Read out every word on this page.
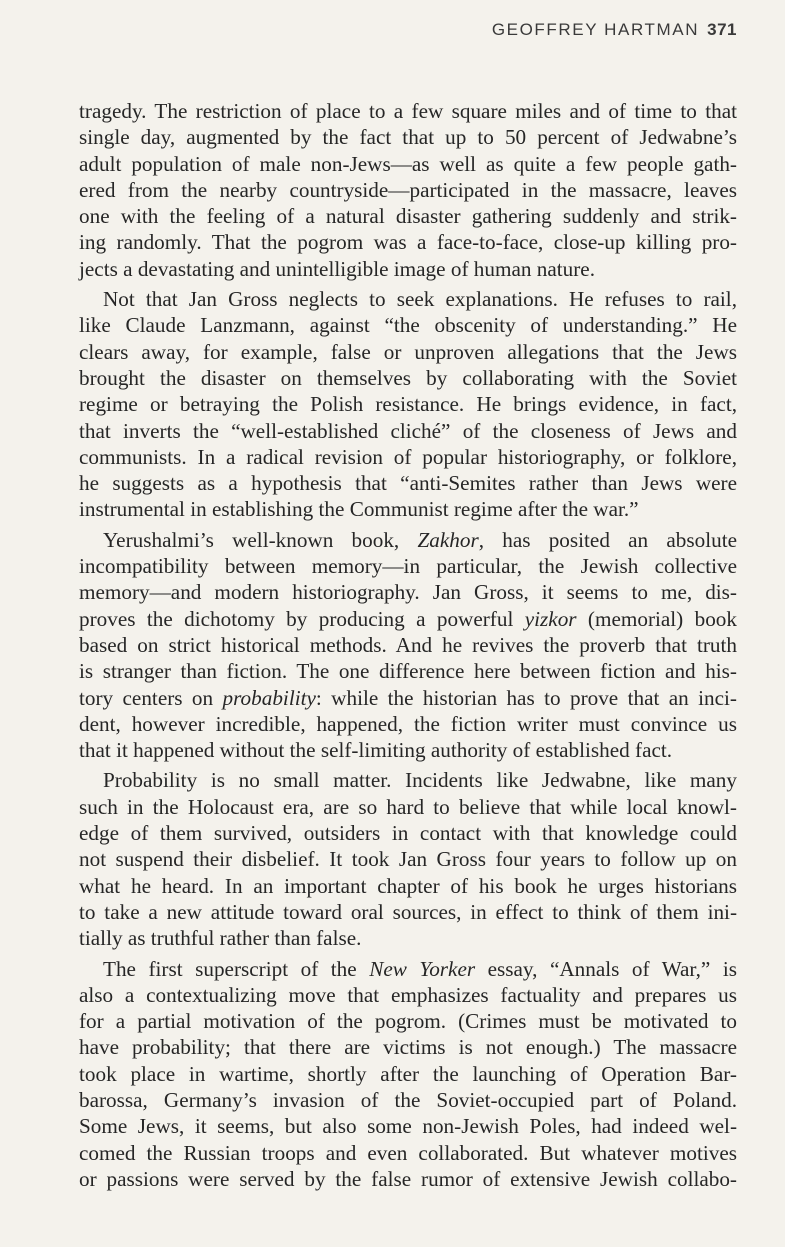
GEOFFREY HARTMAN 371

tragedy. The restriction of place to a few square miles and of time to that
single day, augmented by the fact that up to 50 percent of Jedwabne’s
adult population of male non-Jews—as well as quite a few people gath-
ered from the nearby countryside—participated in the massacre, leaves
one with the feeling of a natural disaster gathering suddenly and strik-
ing randomly. That the pogrom was a face-to-face, close-up killing pro-
jects a devastating and unintelligible image of human nature.

Not that Jan Gross neglects to seek explanations. He refuses to rail,
like Claude Lanzmann, against “the obscenity of understanding.” He
clears away, for example, false or unproven allegations that the Jews
brought the disaster on themselves by collaborating with the Soviet
regime or betraying the Polish resistance. He brings evidence, in fact,
that inverts the “well-established cliché” of the closeness of Jews and
communists. In a radical revision of popular historiography, or folklore,
he suggests as a hypothesis that “anti-Semites rather than Jews were
instrumental in establishing the Communist regime after the war.”

Yerushalmi’s well-known book, Zakhor, has posited an absolute
incompatibility between memory—in particular, the Jewish collective
memory—and modern historiography. Jan Gross, it seems to me, dis-
proves the dichotomy by producing a powerful yizkor (memorial) book
based on strict historical methods. And he revives the proverb that truth
is stranger than fiction. The one difference here between fiction and his-
tory centers on probability: while the historian has to prove that an inci-
dent, however incredible, happened, the fiction writer must convince us
that it happened without the self-limiting authority of established fact.

Probability is no small matter. Incidents like Jedwabne, like many
such in the Holocaust era, are so hard to believe that while local knowl-
edge of them survived, outsiders in contact with that knowledge could
not suspend their disbelief. It took Jan Gross four years to follow up on
what he heard. In an important chapter of his book he urges historians
to take a new attitude toward oral sources, in effect to think of them ini-
tially as truthful rather than false.

The first superscript of the New Yorker essay, “Annals of War,” is
also a contextualizing move that emphasizes factuality and prepares us
for a partial motivation of the pogrom. (Crimes must be motivated to
have probability; that there are victims is not enough.) The massacre
took place in wartime, shortly after the launching of Operation Bar-
barossa, Germany’s invasion of the Soviet-occupied part of Poland.
Some Jews, it seems, but also some non-Jewish Poles, had indeed wel-
comed the Russian troops and even collaborated. But whatever motives
or passions were served by the false rumor of extensive Jewish collabo-
